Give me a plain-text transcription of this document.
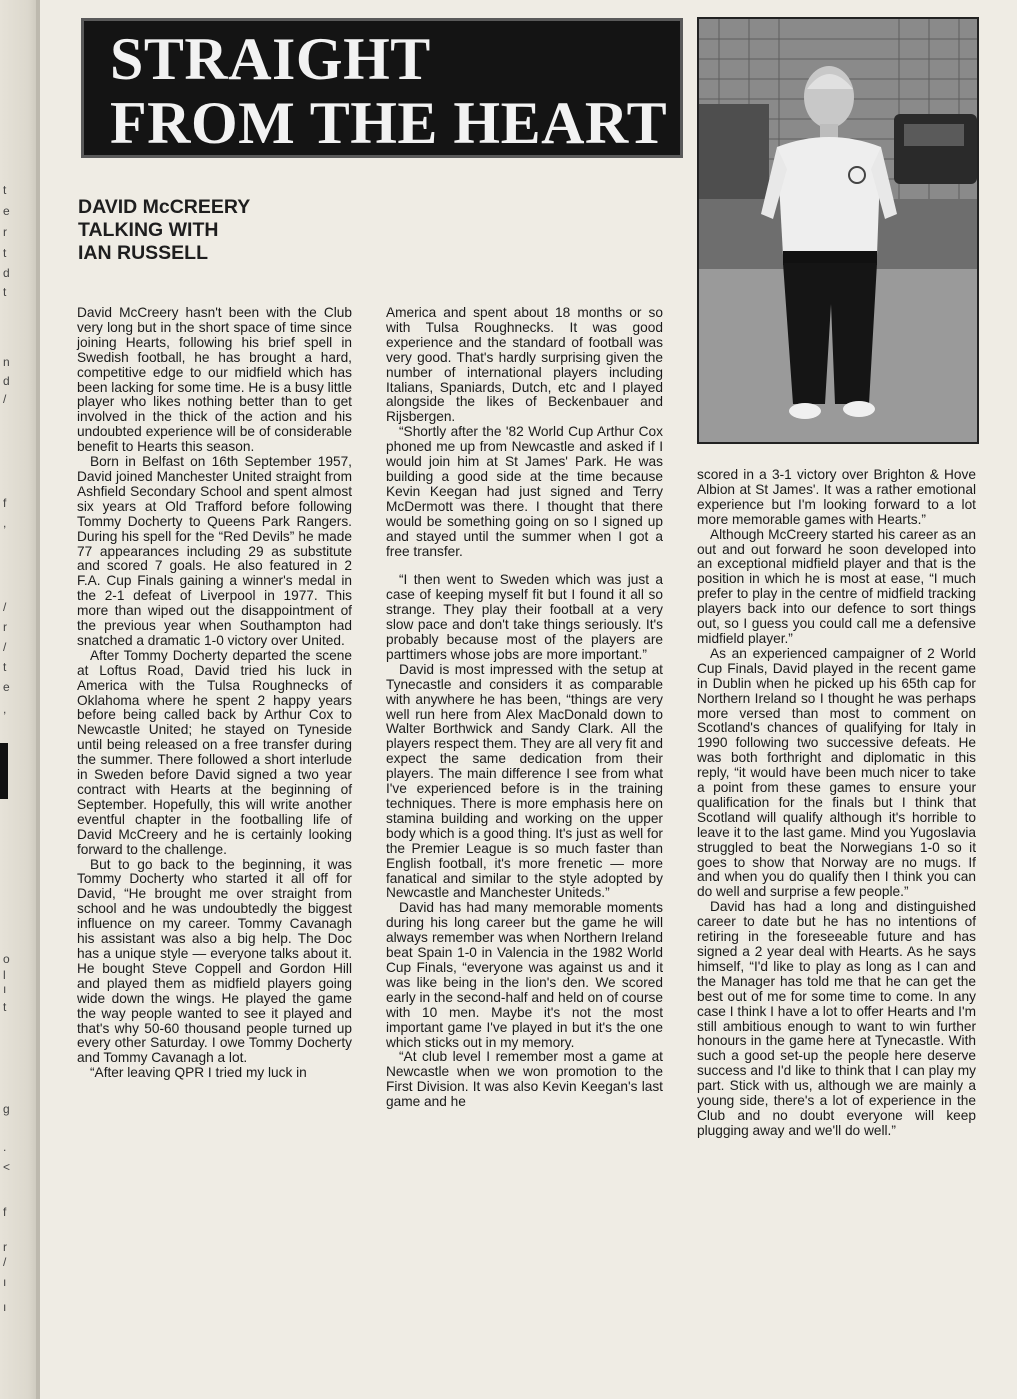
t
e
r
t
d
t
n
d
/
f
,
/
r
/
t
e
,
o
l
ı
t
g
.
<
f
r
/
ı
ı
STRAIGHT
FROM THE HEART
DAVID McCREERY
TALKING WITH
IAN RUSSELL

David McCreery hasn't been with the Club very long but in the short space of time since joining Hearts, following his brief spell in Swedish football, he has brought a hard, competitive edge to our midfield which has been lacking for some time. He is a busy little player who likes nothing better than to get involved in the thick of the action and his undoubted experience will be of considerable benefit to Hearts this season.

Born in Belfast on 16th September 1957, David joined Manchester United straight from Ashfield Secondary School and spent almost six years at Old Trafford before following Tommy Docherty to Queens Park Rangers. During his spell for the “Red Devils” he made 77 appearances including 29 as substitute and scored 7 goals. He also featured in 2 F.A. Cup Finals gaining a winner's medal in the 2-1 defeat of Liverpool in 1977. This more than wiped out the disappointment of the previous year when Southampton had snatched a dramatic 1-0 victory over United.

After Tommy Docherty departed the scene at Loftus Road, David tried his luck in America with the Tulsa Roughnecks of Oklahoma where he spent 2 happy years before being called back by Arthur Cox to Newcastle United; he stayed on Tyneside until being released on a free transfer during the summer. There followed a short interlude in Sweden before David signed a two year contract with Hearts at the beginning of September. Hopefully, this will write another eventful chapter in the footballing life of David McCreery and he is certainly looking forward to the challenge.

But to go back to the beginning, it was Tommy Docherty who started it all off for David, “He brought me over straight from school and he was undoubtedly the biggest influence on my career. Tommy Cavanagh his assistant was also a big help. The Doc has a unique style — everyone talks about it. He bought Steve Coppell and Gordon Hill and played them as midfield players going wide down the wings. He played the game the way people wanted to see it played and that's why 50-60 thousand people turned up every other Saturday. I owe Tommy Docherty and Tommy Cavanagh a lot.

“After leaving QPR I tried my luck in

America and spent about 18 months or so with Tulsa Roughnecks. It was good experience and the standard of football was very good. That's hardly surprising given the number of international players including Italians, Spaniards, Dutch, etc and I played alongside the likes of Beckenbauer and Rijsbergen.

“Shortly after the '82 World Cup Arthur Cox phoned me up from Newcastle and asked if I would join him at St James' Park. He was building a good side at the time because Kevin Keegan had just signed and Terry McDermott was there. I thought that there would be something going on so I signed up and stayed until the summer when I got a free transfer.

“I then went to Sweden which was just a case of keeping myself fit but I found it all so strange. They play their football at a very slow pace and don't take things seriously. It's probably because most of the players are parttimers whose jobs are more important.”

David is most impressed with the setup at Tynecastle and considers it as comparable with anywhere he has been, “things are very well run here from Alex MacDonald down to Walter Borthwick and Sandy Clark. All the players respect them. They are all very fit and expect the same dedication from their players. The main difference I see from what I've experienced before is in the training techniques. There is more emphasis here on stamina building and working on the upper body which is a good thing. It's just as well for the Premier League is so much faster than English football, it's more frenetic — more fanatical and similar to the style adopted by Newcastle and Manchester Uniteds.”

David has had many memorable moments during his long career but the game he will always remember was when Northern Ireland beat Spain 1-0 in Valencia in the 1982 World Cup Finals, “everyone was against us and it was like being in the lion's den. We scored early in the second-half and held on of course with 10 men. Maybe it's not the most important game I've played in but it's the one which sticks out in my memory.

“At club level I remember most a game at Newcastle when we won promotion to the First Division. It was also Kevin Keegan's last game and he

scored in a 3-1 victory over Brighton & Hove Albion at St James'. It was a rather emotional experience but I'm looking forward to a lot more memorable games with Hearts.”

Although McCreery started his career as an out and out forward he soon developed into an exceptional midfield player and that is the position in which he is most at ease, “I much prefer to play in the centre of midfield tracking players back into our defence to sort things out, so I guess you could call me a defensive midfield player.”

As an experienced campaigner of 2 World Cup Finals, David played in the recent game in Dublin when he picked up his 65th cap for Northern Ireland so I thought he was perhaps more versed than most to comment on Scotland's chances of qualifying for Italy in 1990 following two successive defeats. He was both forthright and diplomatic in this reply, “it would have been much nicer to take a point from these games to ensure your qualification for the finals but I think that Scotland will qualify although it's horrible to leave it to the last game. Mind you Yugoslavia struggled to beat the Norwegians 1-0 so it goes to show that Norway are no mugs. If and when you do qualify then I think you can do well and surprise a few people.”

David has had a long and distinguished career to date but he has no intentions of retiring in the foreseeable future and has signed a 2 year deal with Hearts. As he says himself, “I'd like to play as long as I can and the Manager has told me that he can get the best out of me for some time to come. In any case I think I have a lot to offer Hearts and I'm still ambitious enough to want to win further honours in the game here at Tynecastle. With such a good set-up the people here deserve success and I'd like to think that I can play my part. Stick with us, although we are mainly a young side, there's a lot of experience in the Club and no doubt everyone will keep plugging away and we'll do well.”
